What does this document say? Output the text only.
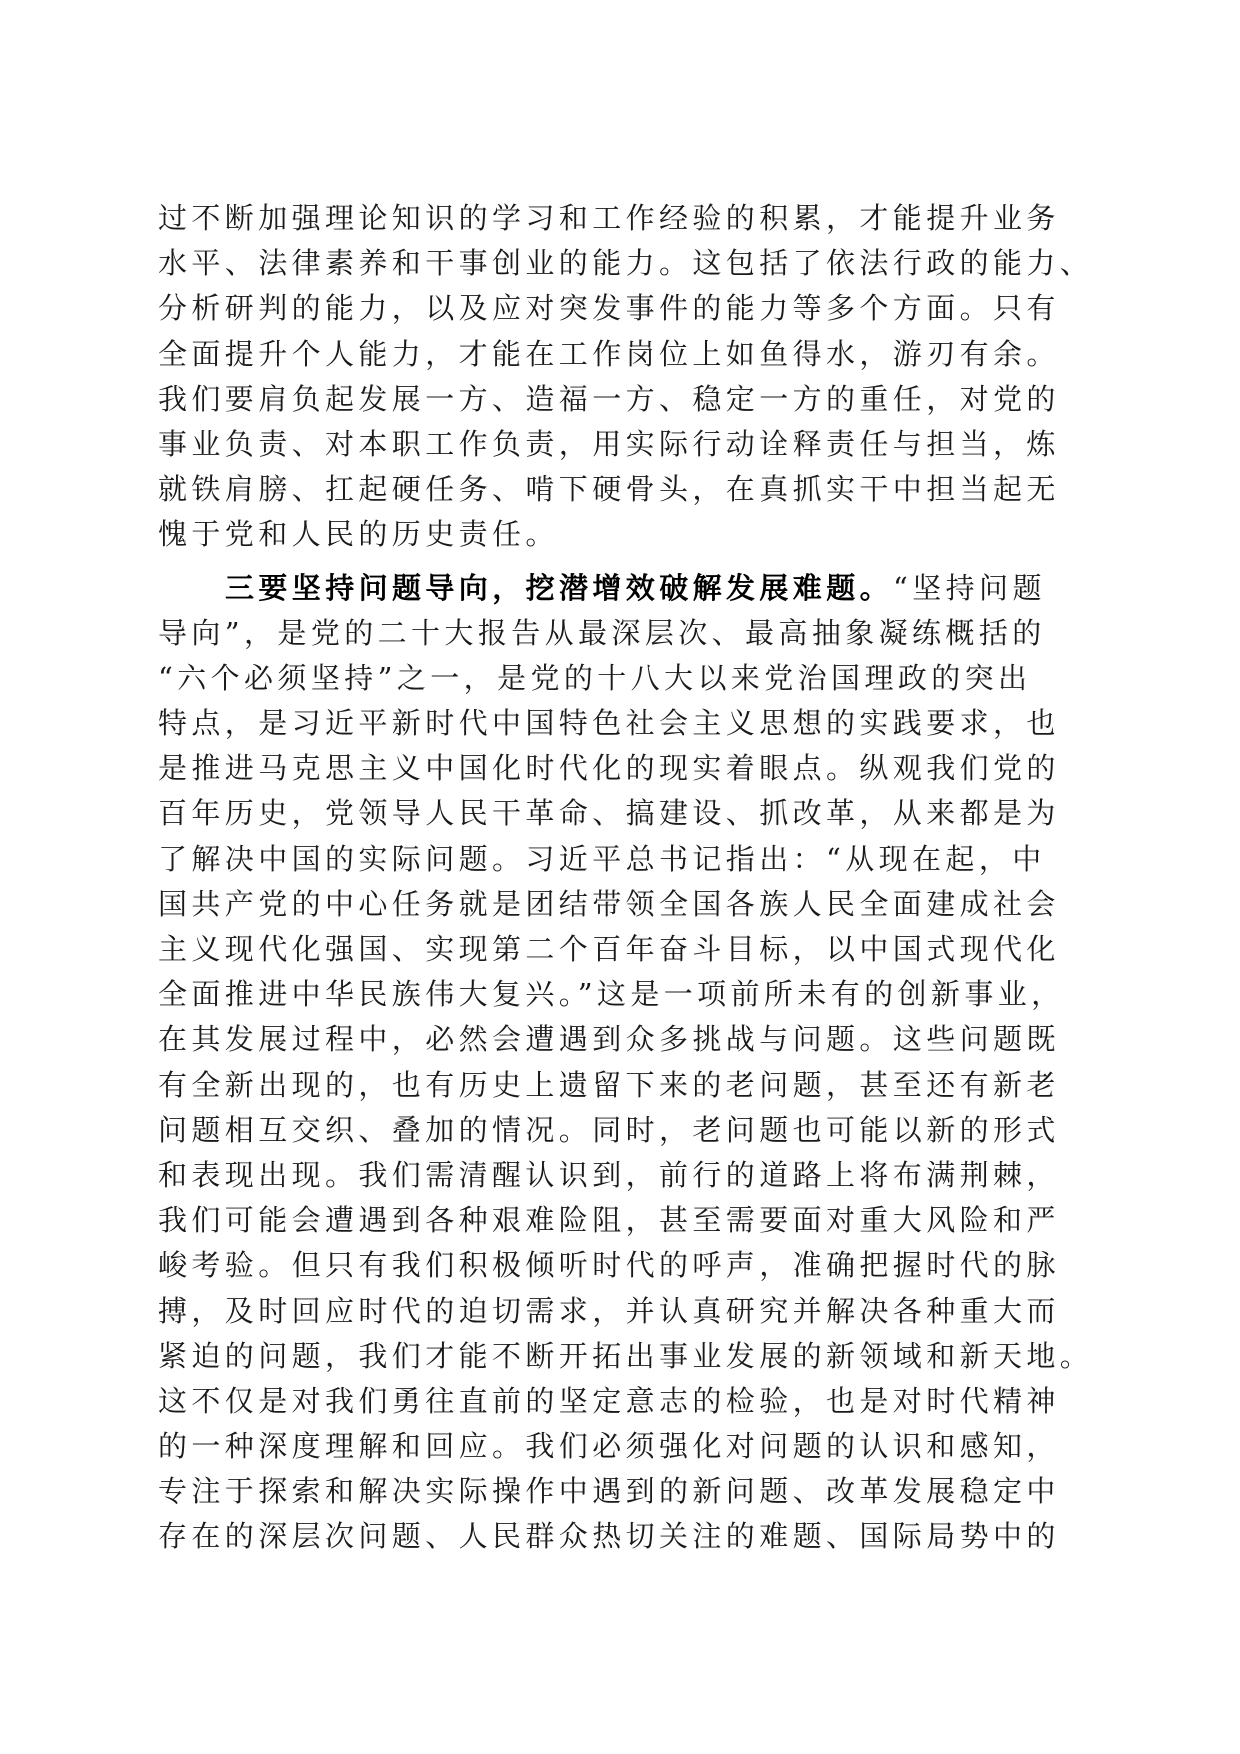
过不断加强理论知识的学习和工作经验的积累，才能提升业务
水平、法律素养和干事创业的能力。这包括了依法行政的能力、
分析研判的能力，以及应对突发事件的能力等多个方面。只有
全面提升个人能力，才能在工作岗位上如鱼得水，游刃有余。
我们要肩负起发展一方、造福一方、稳定一方的重任，对党的
事业负责、对本职工作负责，用实际行动诠释责任与担当，炼
就铁肩膀、扛起硬任务、啃下硬骨头，在真抓实干中担当起无
愧于党和人民的历史责任。
三要坚持问题导向，挖潜增效破解发展难题。“坚持问题
导向”，是党的二十大报告从最深层次、最高抽象凝练概括的
“六个必须坚持”之一，是党的十八大以来党治国理政的突出
特点，是习近平新时代中国特色社会主义思想的实践要求，也
是推进马克思主义中国化时代化的现实着眼点。纵观我们党的
百年历史，党领导人民干革命、搞建设、抓改革，从来都是为
了解决中国的实际问题。习近平总书记指出：“从现在起，中
国共产党的中心任务就是团结带领全国各族人民全面建成社会
主义现代化强国、实现第二个百年奋斗目标，以中国式现代化
全面推进中华民族伟大复兴。”这是一项前所未有的创新事业，
在其发展过程中，必然会遭遇到众多挑战与问题。这些问题既
有全新出现的，也有历史上遗留下来的老问题，甚至还有新老
问题相互交织、叠加的情况。同时，老问题也可能以新的形式
和表现出现。我们需清醒认识到，前行的道路上将布满荆棘，
我们可能会遭遇到各种艰难险阻，甚至需要面对重大风险和严
峻考验。但只有我们积极倾听时代的呼声，准确把握时代的脉
搏，及时回应时代的迫切需求，并认真研究并解决各种重大而
紧迫的问题，我们才能不断开拓出事业发展的新领域和新天地。
这不仅是对我们勇往直前的坚定意志的检验，也是对时代精神
的一种深度理解和回应。我们必须强化对问题的认识和感知，
专注于探索和解决实际操作中遇到的新问题、改革发展稳定中
存在的深层次问题、人民群众热切关注的难题、国际局势中的
